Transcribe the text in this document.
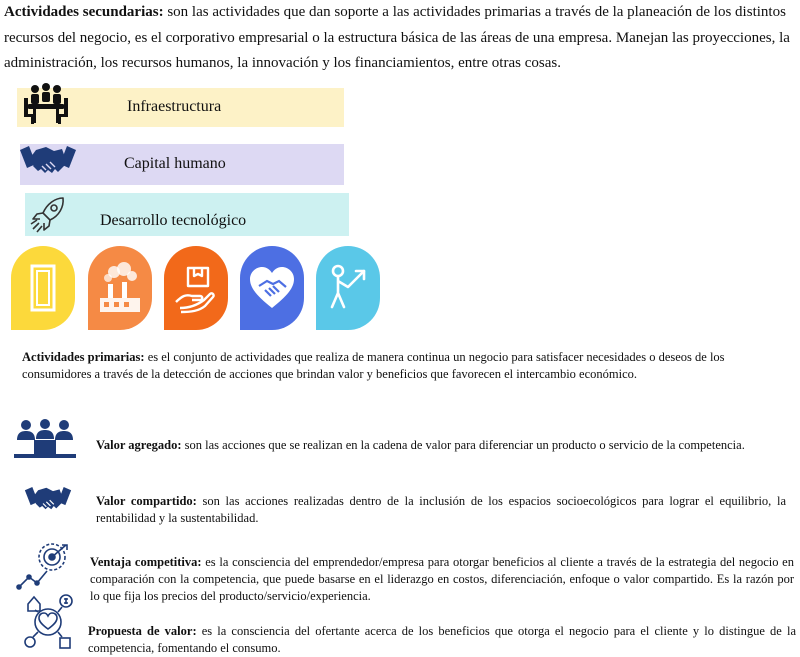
Actividades secundarias: son las actividades que dan soporte a las actividades primarias a través de la planeación de los distintos recursos del negocio, es el corporativo empresarial o la estructura básica de las áreas de una empresa. Manejan las proyecciones, la administración, los recursos humanos, la innovación y los financiamientos, entre otras cosas.

Infraestructura
Capital humano
Desarrollo tecnológico

Actividades primarias: es el conjunto de actividades que realiza de manera continua un negocio para satisfacer necesidades o deseos de los consumidores a través de la detección de acciones que brindan valor y beneficios que favorecen el intercambio económico.

Valor agregado: son las acciones que se realizan en la cadena de valor para diferenciar un producto o servicio de la competencia.

Valor compartido: son las acciones realizadas dentro de la inclusión de los espacios socioecológicos para lograr el equilibrio, la rentabilidad y la sustentabilidad.

Ventaja competitiva: es la consciencia del emprendedor/empresa para otorgar beneficios al cliente a través de la estrategia del negocio en comparación con la competencia, que puede basarse en el liderazgo en costos, diferenciación, enfoque o valor compartido. Es la razón por lo que fija los precios del producto/servicio/experiencia.

Propuesta de valor: es la consciencia del ofertante acerca de los beneficios que otorga el negocio para el cliente y lo distingue de la competencia, fomentando el consumo.
